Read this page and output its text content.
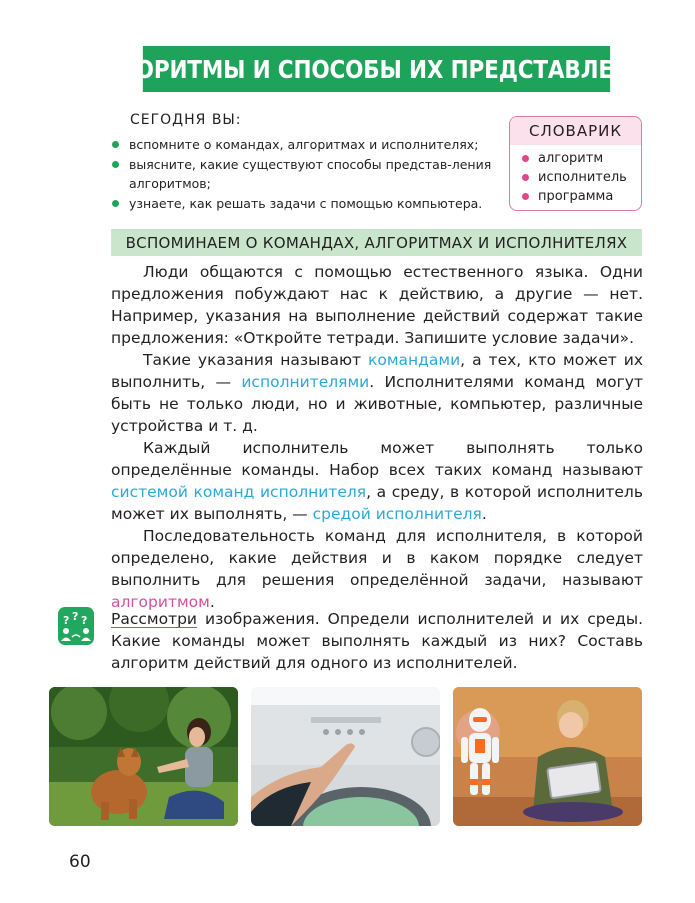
АЛГОРИТМЫ И СПОСОБЫ ИХ ПРЕДСТАВЛЕНИЯ
СЕГОДНЯ ВЫ:
вспомните о командах, алгоритмах и исполнителях;
выясните, какие существуют способы представ-ления алгоритмов;
узнаете, как решать задачи с помощью компьютера.
СЛОВАРИК
алгоритм
исполнитель
программа
ВСПОМИНАЕМ О КОМАНДАХ, АЛГОРИТМАХ И ИСПОЛНИТЕЛЯХ

Люди общаются с помощью естественного языка. Одни предложения побуждают нас к действию, а другие — нет. Например, указания на выполнение действий содержат такие предложения: «Откройте тетради. Запишите условие задачи».

Такие указания называют командами, а тех, кто может их выполнить, — исполнителями. Исполнителями команд могут быть не только люди, но и животные, компьютер, различные устройства и т. д.

Каждый исполнитель может выполнять только определённые команды. Набор всех таких команд называют системой команд исполнителя, а среду, в которой исполнитель может их выполнять, — средой исполнителя.

Последовательность команд для исполнителя, в которой определено, какие действия и в каком порядке следует выполнить для решения определённой задачи, называют алгоритмом.

? ? ? Рассмотри изображения. Определи исполнителей и их среды. Какие команды может выполнять каждый из них? Составь алгоритм действий для одного из исполнителей.
60
